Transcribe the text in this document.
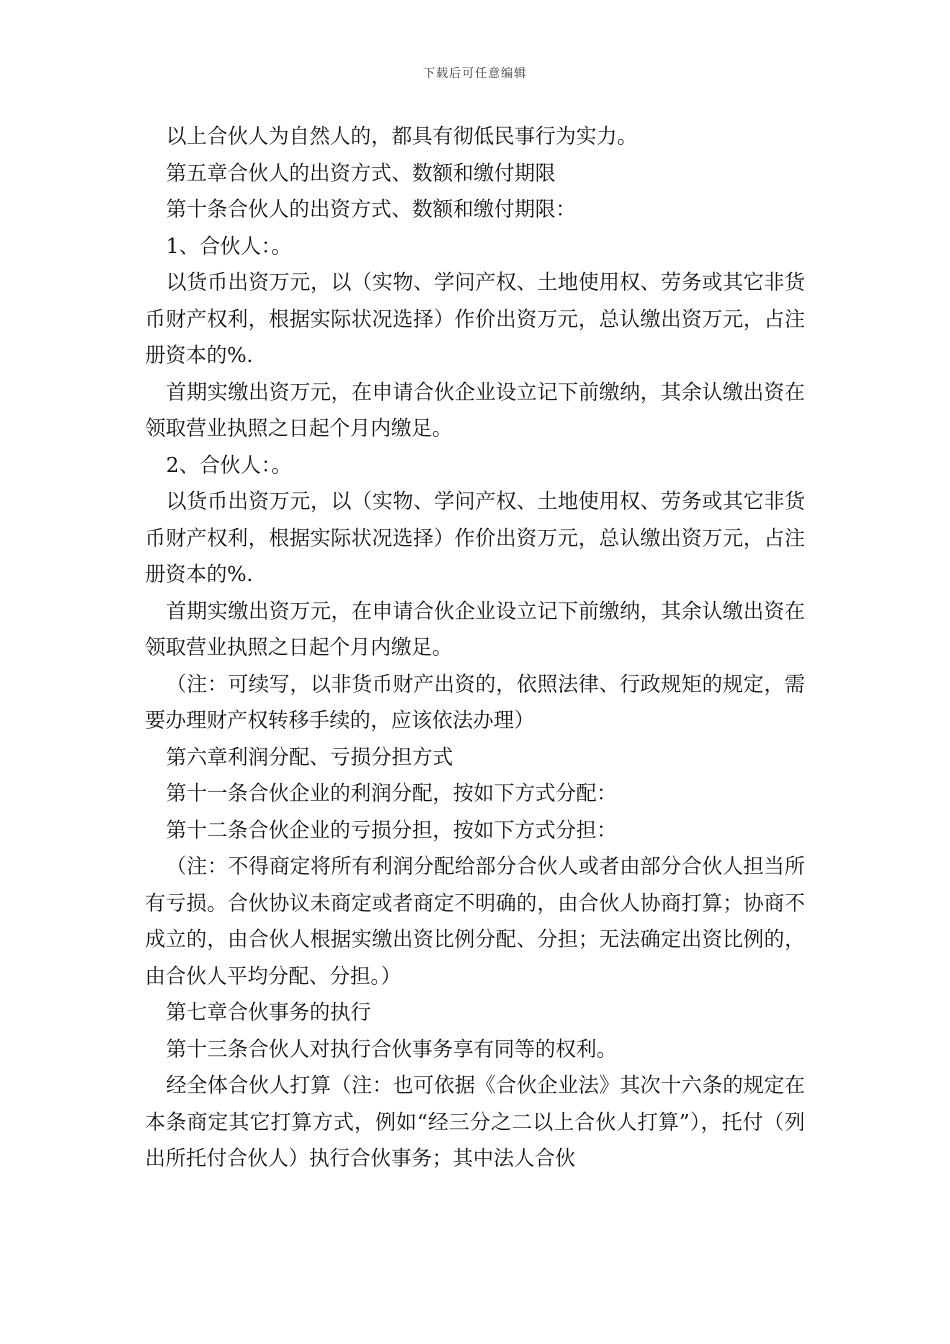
下载后可任意编辑

以上合伙人为自然人的，都具有彻低民事行为实力。

第五章合伙人的出资方式、数额和缴付期限

第十条合伙人的出资方式、数额和缴付期限：

1、合伙人：。

以货币出资万元，以（实物、学问产权、土地使用权、劳务或其它非货币财产权利，根据实际状况选择）作价出资万元，总认缴出资万元，占注册资本的%.

首期实缴出资万元，在申请合伙企业设立记下前缴纳，其余认缴出资在领取营业执照之日起个月内缴足。

2、合伙人：。

以货币出资万元，以（实物、学问产权、土地使用权、劳务或其它非货币财产权利，根据实际状况选择）作价出资万元，总认缴出资万元，占注册资本的%.

首期实缴出资万元，在申请合伙企业设立记下前缴纳，其余认缴出资在领取营业执照之日起个月内缴足。

（注：可续写，以非货币财产出资的，依照法律、行政规矩的规定，需要办理财产权转移手续的，应该依法办理）

第六章利润分配、亏损分担方式

第十一条合伙企业的利润分配，按如下方式分配：

第十二条合伙企业的亏损分担，按如下方式分担：

（注：不得商定将所有利润分配给部分合伙人或者由部分合伙人担当所有亏损。合伙协议未商定或者商定不明确的，由合伙人协商打算；协商不成立的，由合伙人根据实缴出资比例分配、分担；无法确定出资比例的，由合伙人平均分配、分担。）

第七章合伙事务的执行

第十三条合伙人对执行合伙事务享有同等的权利。

经全体合伙人打算（注：也可依据《合伙企业法》其次十六条的规定在本条商定其它打算方式，例如“经三分之二以上合伙人打算”），托付（列出所托付合伙人）执行合伙事务；其中法人合伙
